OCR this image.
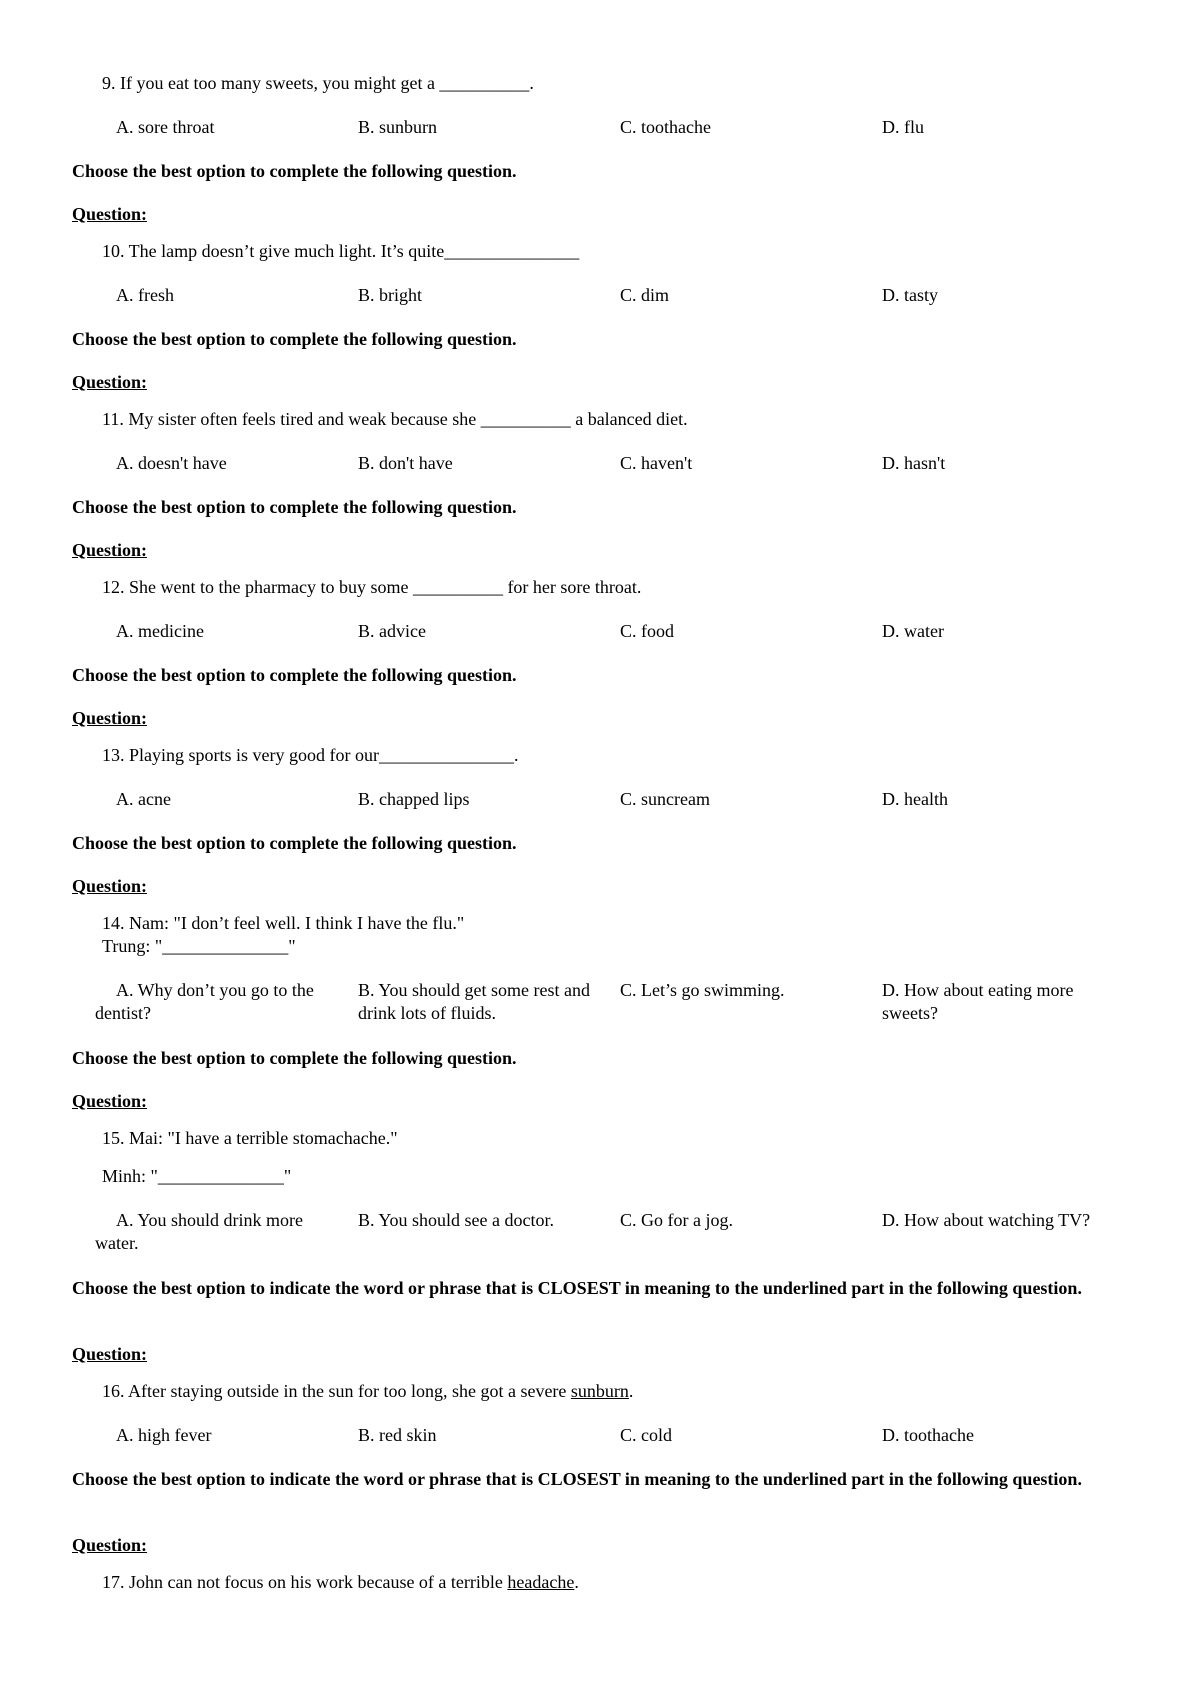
9. If you eat too many sweets, you might get a __________.
A. sore throat	B. sunburn	C. toothache	D. flu
Choose the best option to complete the following question.
Question:
10. The lamp doesn’t give much light. It’s quite_______________
A. fresh	B. bright	C. dim	D. tasty
Choose the best option to complete the following question.
Question:
11. My sister often feels tired and weak because she __________ a balanced diet.
A. doesn't have	B. don't have	C. haven't	D. hasn't
Choose the best option to complete the following question.
Question:
12. She went to the pharmacy to buy some __________ for her sore throat.
A. medicine	B. advice	C. food	D. water
Choose the best option to complete the following question.
Question:
13. Playing sports is very good for our_______________.
A. acne	B. chapped lips	C. suncream	D. health
Choose the best option to complete the following question.
Question:
14. Nam: "I don’t feel well. I think I have the flu."
Trung: "______________"
A. Why don’t you go to the dentist?
B. You should get some rest and drink lots of fluids.
C. Let’s go swimming.	D. How about eating more sweets?
Choose the best option to complete the following question.
Question:
15. Mai: "I have a terrible stomachache."
Minh: "______________"
A. You should drink more water.
B. You should see a doctor.	C. Go for a jog.	D. How about watching TV?
Choose the best option to indicate the word or phrase that is CLOSEST in meaning to the underlined part in the following question.
Question:
16. After staying outside in the sun for too long, she got a severe sunburn.
A. high fever	B. red skin	C. cold	D. toothache
Choose the best option to indicate the word or phrase that is CLOSEST in meaning to the underlined part in the following question.
Question:
17. John can not focus on his work because of a terrible headache.
